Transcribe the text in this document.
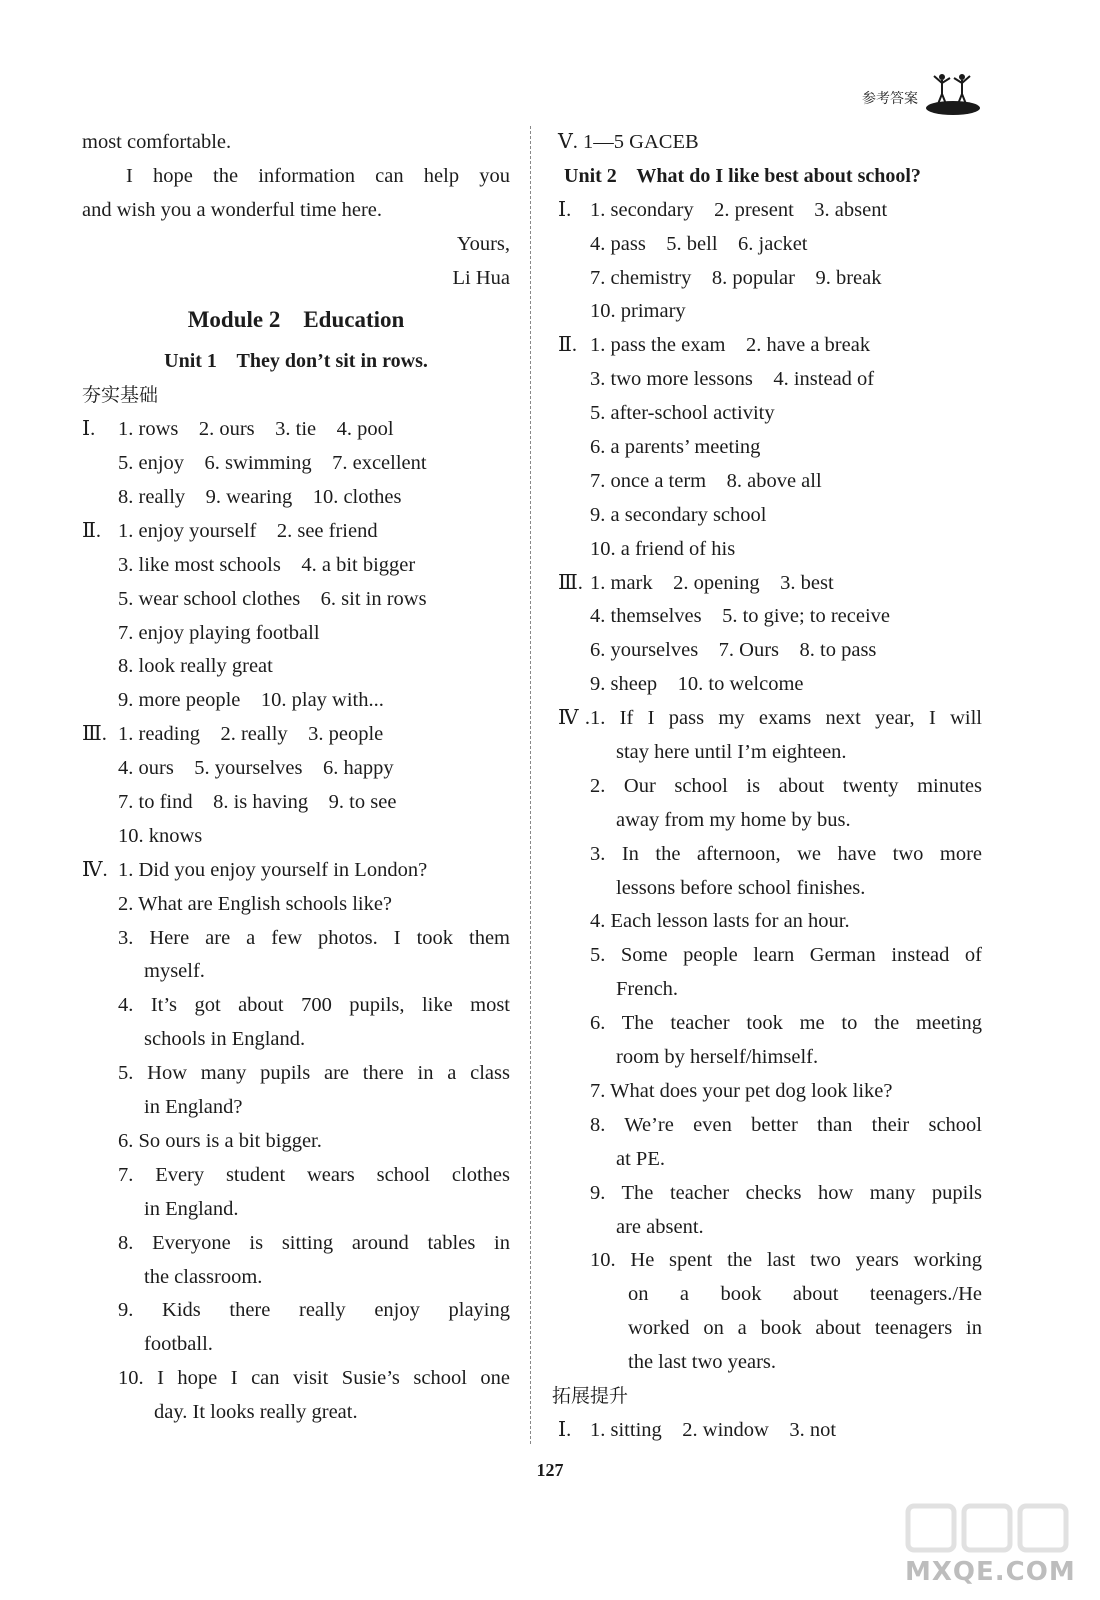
参考答案
most comfortable.
I hope the information can help you
and wish you a wonderful time here.
Yours,
Li Hua
Module 2    Education
Unit 1    They don’t sit in rows.
夯实基础
Ⅰ. 1. rows    2. ours    3. tie    4. pool
5. enjoy    6. swimming    7. excellent
8. really    9. wearing    10. clothes
Ⅱ. 1. enjoy yourself    2. see friend
3. like most schools    4. a bit bigger
5. wear school clothes    6. sit in rows
7. enjoy playing football
8. look really great
9. more people    10. play with...
Ⅲ. 1. reading    2. really    3. people
4. ours    5. yourselves    6. happy
7. to find    8. is having    9. to see
10. knows
Ⅳ. 1. Did you enjoy yourself in London?
2. What are English schools like?
3. Here are a few photos. I took them
myself.
4. It’s got about 700 pupils, like most
schools in England.
5. How many pupils are there in a class
in England?
6. So ours is a bit bigger.
7. Every student wears school clothes
in England.
8. Everyone is sitting around tables in
the classroom.
9. Kids there really enjoy playing
football.
10. I hope I can visit Susie’s school one
day. It looks really great.
Ⅴ. 1—5 GACEB
Unit 2    What do I like best about school?
Ⅰ. 1. secondary    2. present    3. absent
4. pass    5. bell    6. jacket
7. chemistry    8. popular    9. break
10. primary
Ⅱ. 1. pass the exam    2. have a break
3. two more lessons    4. instead of
5. after-school activity
6. a parents’ meeting
7. once a term    8. above all
9. a secondary school
10. a friend of his
Ⅲ. 1. mark    2. opening    3. best
4. themselves    5. to give; to receive
6. yourselves    7. Ours    8. to pass
9. sheep    10. to welcome
Ⅳ.1. If I pass my exams next year, I will
stay here until I’m eighteen.
2. Our school is about twenty minutes
away from my home by bus.
3. In the afternoon, we have two more
lessons before school finishes.
4. Each lesson lasts for an hour.
5. Some people learn German instead of
French.
6. The teacher took me to the meeting
room by herself/himself.
7. What does your pet dog look like?
8. We’re even better than their school
at PE.
9. The teacher checks how many pupils
are absent.
10. He spent the last two years working
on a book about teenagers./He
worked on a book about teenagers in
the last two years.
拓展提升
Ⅰ. 1. sitting    2. window    3. not
127
MXQE.COM
